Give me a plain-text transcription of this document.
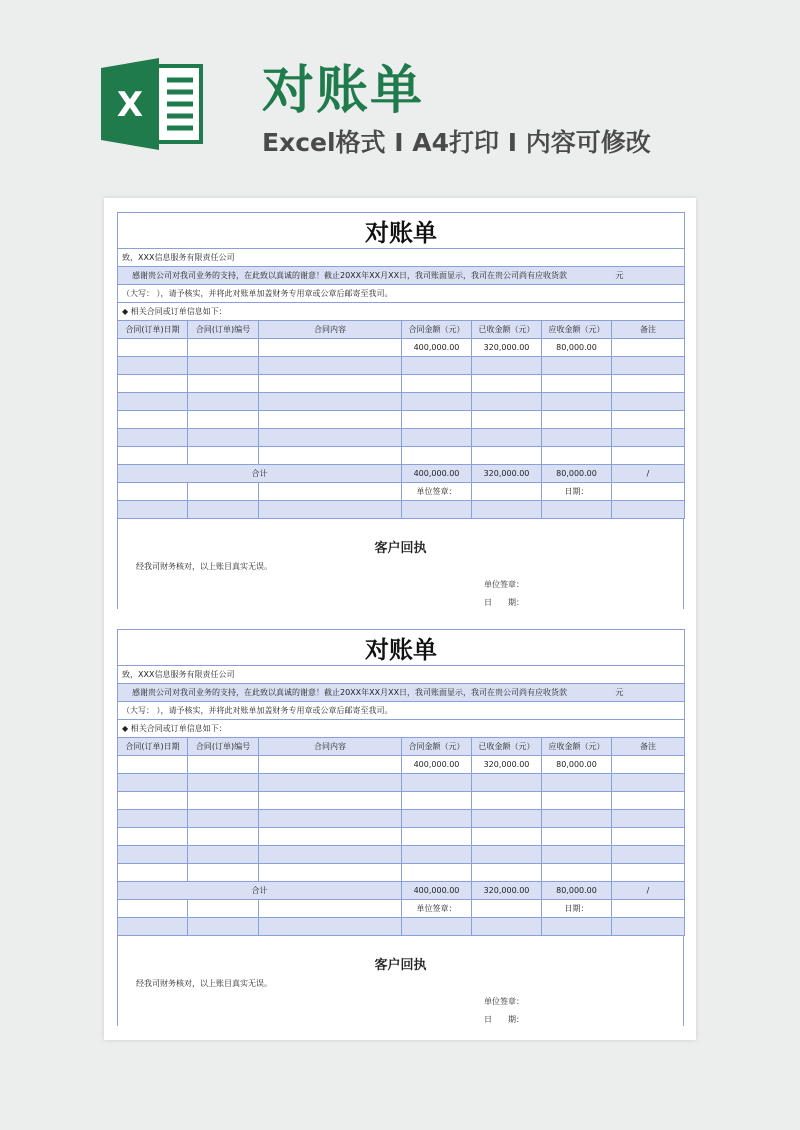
X 对账单
Excel格式 I A4打印 I 内容可修改
对账单						
致，XXX信息服务有限责任公司						
感谢贵公司对我司业务的支持，在此致以真诚的谢意！截止20XX年XX月XX日，我司账面显示，我司在贵公司尚有应收货款						元
（大写： ），请予核实，并将此对账单加盖财务专用章或公章后邮寄至我司。						
◆ 相关合同或订单信息如下：						
合同(订单)日期	合同(订单)编号	合同内容	合同金额（元）	已收金额（元）	应收金额（元）	备注
			400,000.00	320,000.00	80,000.00	

合计			400,000.00	320,000.00	80,000.00	/
			单位签章：		日期：	

客户回执
经我司财务核对，以上账目真实无误。
单位签章：
日　　期：
对账单						
致，XXX信息服务有限责任公司						
感谢贵公司对我司业务的支持，在此致以真诚的谢意！截止20XX年XX月XX日，我司账面显示，我司在贵公司尚有应收货款						元
（大写： ），请予核实，并将此对账单加盖财务专用章或公章后邮寄至我司。						
◆ 相关合同或订单信息如下：						
合同(订单)日期	合同(订单)编号	合同内容	合同金额（元）	已收金额（元）	应收金额（元）	备注
			400,000.00	320,000.00	80,000.00	

合计			400,000.00	320,000.00	80,000.00	/
			单位签章：		日期：	

客户回执
经我司财务核对，以上账目真实无误。
单位签章：
日　　期：
